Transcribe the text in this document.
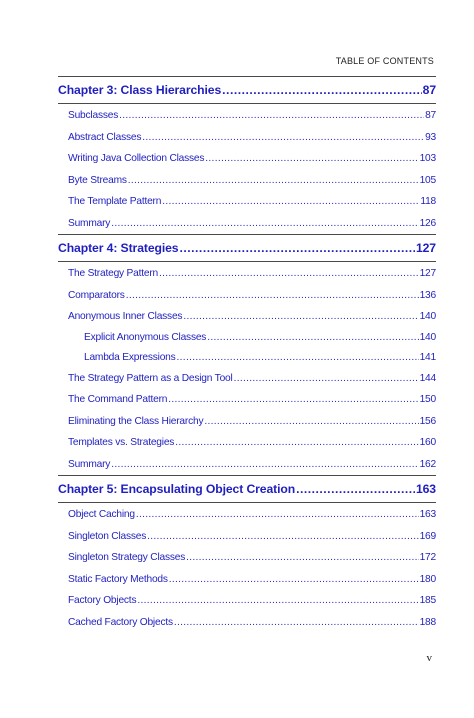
TABLE OF CONTENTS
Chapter 3: Class Hierarchies .....	87
Subclasses .....	87
Abstract Classes .....	93
Writing Java Collection Classes .....	103
Byte Streams .....	105
The Template Pattern .....	118
Summary .....	126
Chapter 4: Strategies .....	127
The Strategy Pattern .....	127
Comparators .....	136
Anonymous Inner Classes .....	140
Explicit Anonymous Classes .....	140
Lambda Expressions .....	141
The Strategy Pattern as a Design Tool .....	144
The Command Pattern .....	150
Eliminating the Class Hierarchy .....	156
Templates vs. Strategies .....	160
Summary .....	162
Chapter 5: Encapsulating Object Creation .....	163
Object Caching .....	163
Singleton Classes .....	169
Singleton Strategy Classes .....	172
Static Factory Methods .....	180
Factory Objects .....	185
Cached Factory Objects .....	188
v
